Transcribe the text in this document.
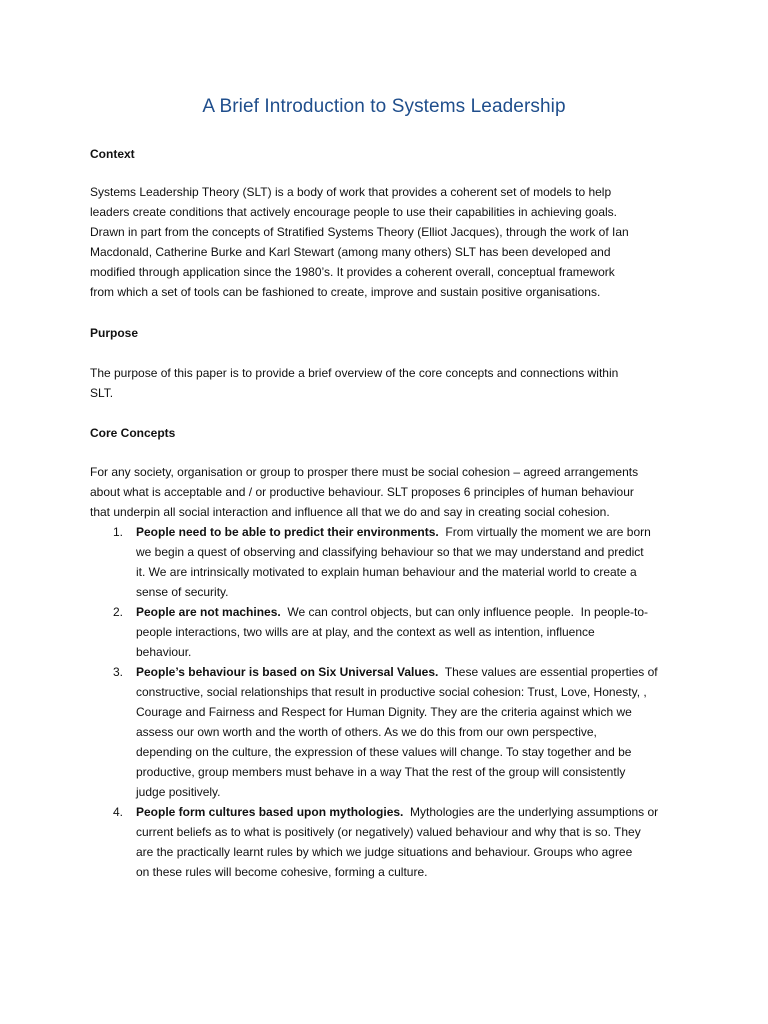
A Brief Introduction to Systems Leadership
Context
Systems Leadership Theory (SLT) is a body of work that provides a coherent set of models to help
leaders create conditions that actively encourage people to use their capabilities in achieving goals.
Drawn in part from the concepts of Stratified Systems Theory (Elliot Jacques), through the work of Ian
Macdonald, Catherine Burke and Karl Stewart (among many others) SLT has been developed and
modified through application since the 1980’s. It provides a coherent overall, conceptual framework
from which a set of tools can be fashioned to create, improve and sustain positive organisations.
Purpose
The purpose of this paper is to provide a brief overview of the core concepts and connections within
SLT.
Core Concepts
For any society, organisation or group to prosper there must be social cohesion – agreed arrangements
about what is acceptable and / or productive behaviour. SLT proposes 6 principles of human behaviour
that underpin all social interaction and influence all that we do and say in creating social cohesion.
1. People need to be able to predict their environments.  From virtually the moment we are born
we begin a quest of observing and classifying behaviour so that we may understand and predict
it. We are intrinsically motivated to explain human behaviour and the material world to create a
sense of security.
2. People are not machines.  We can control objects, but can only influence people.  In people-to-
people interactions, two wills are at play, and the context as well as intention, influence
behaviour.
3. People’s behaviour is based on Six Universal Values.  These values are essential properties of
constructive, social relationships that result in productive social cohesion: Trust, Love, Honesty, ,
Courage and Fairness and Respect for Human Dignity. They are the criteria against which we
assess our own worth and the worth of others. As we do this from our own perspective,
depending on the culture, the expression of these values will change. To stay together and be
productive, group members must behave in a way That the rest of the group will consistently
judge positively.
4. People form cultures based upon mythologies.  Mythologies are the underlying assumptions or
current beliefs as to what is positively (or negatively) valued behaviour and why that is so. They
are the practically learnt rules by which we judge situations and behaviour. Groups who agree
on these rules will become cohesive, forming a culture.
